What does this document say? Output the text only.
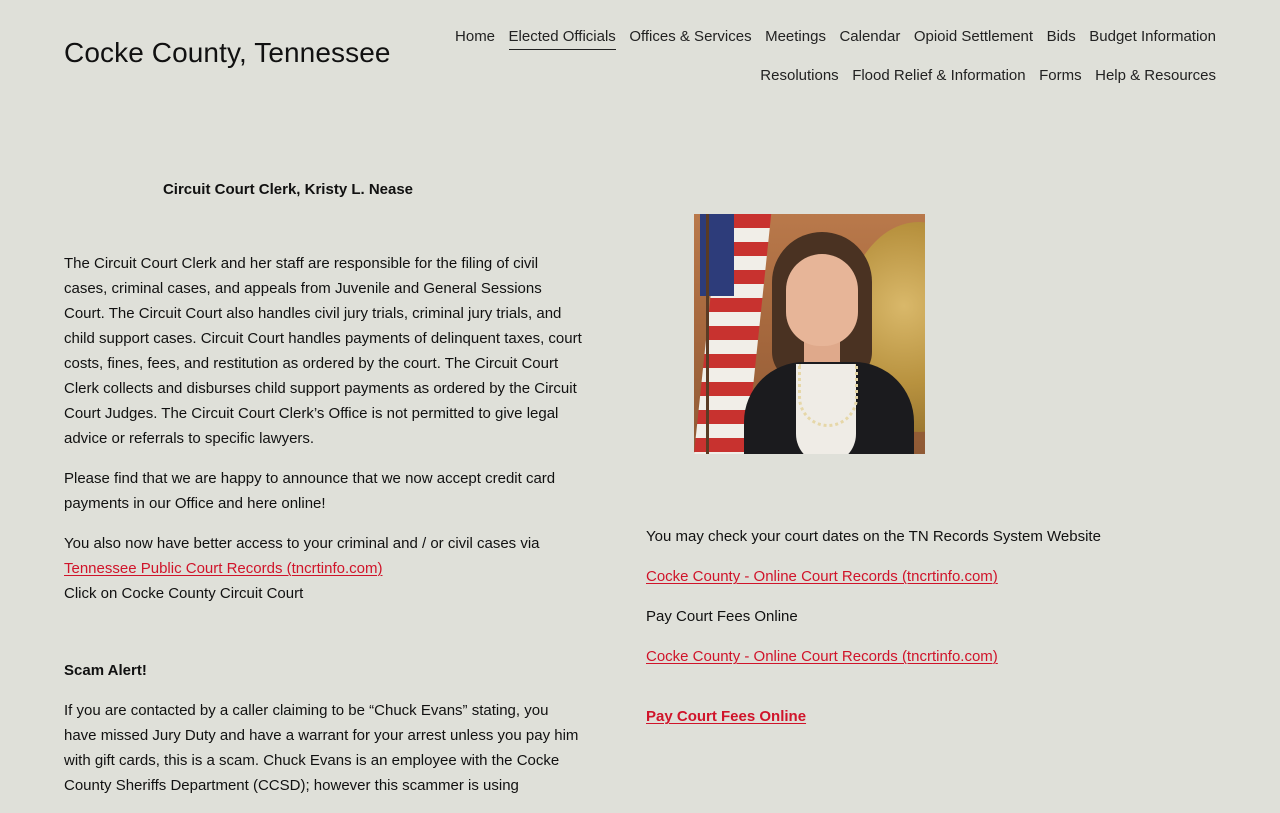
Cocke County, Tennessee
Home Elected Officials Offices & Services Meetings Calendar Opioid Settlement Bids Budget Information
Resolutions Flood Relief & Information Forms Help & Resources
Circuit Court Clerk, Kristy L. Nease

The Circuit Court Clerk and her staff are responsible for the filing of civil cases, criminal cases, and appeals from Juvenile and General Sessions Court. The Circuit Court also handles civil jury trials, criminal jury trials, and child support cases. Circuit Court handles payments of delinquent taxes, court costs, fines, fees, and restitution as ordered by the court. The Circuit Court Clerk collects and disburses child support payments as ordered by the Circuit Court Judges. The Circuit Court Clerk’s Office is not permitted to give legal advice or referrals to specific lawyers.

Please find that we are happy to announce that we now accept credit card payments in our Office and here online!

You also now have better access to your criminal and / or civil cases via
Tennessee Public Court Records (tncrtinfo.com)
Click on Cocke County Circuit Court

Scam Alert!

If you are contacted by a caller claiming to be “Chuck Evans” stating, you have missed Jury Duty and have a warrant for your arrest unless you pay him with gift cards, this is a scam. Chuck Evans is an employee with the Cocke County Sheriffs Department (CCSD); however this scammer is using

You may check your court dates on the TN Records System Website

Cocke County - Online Court Records (tncrtinfo.com)

Pay Court Fees Online

Cocke County - Online Court Records (tncrtinfo.com)

Pay Court Fees Online
